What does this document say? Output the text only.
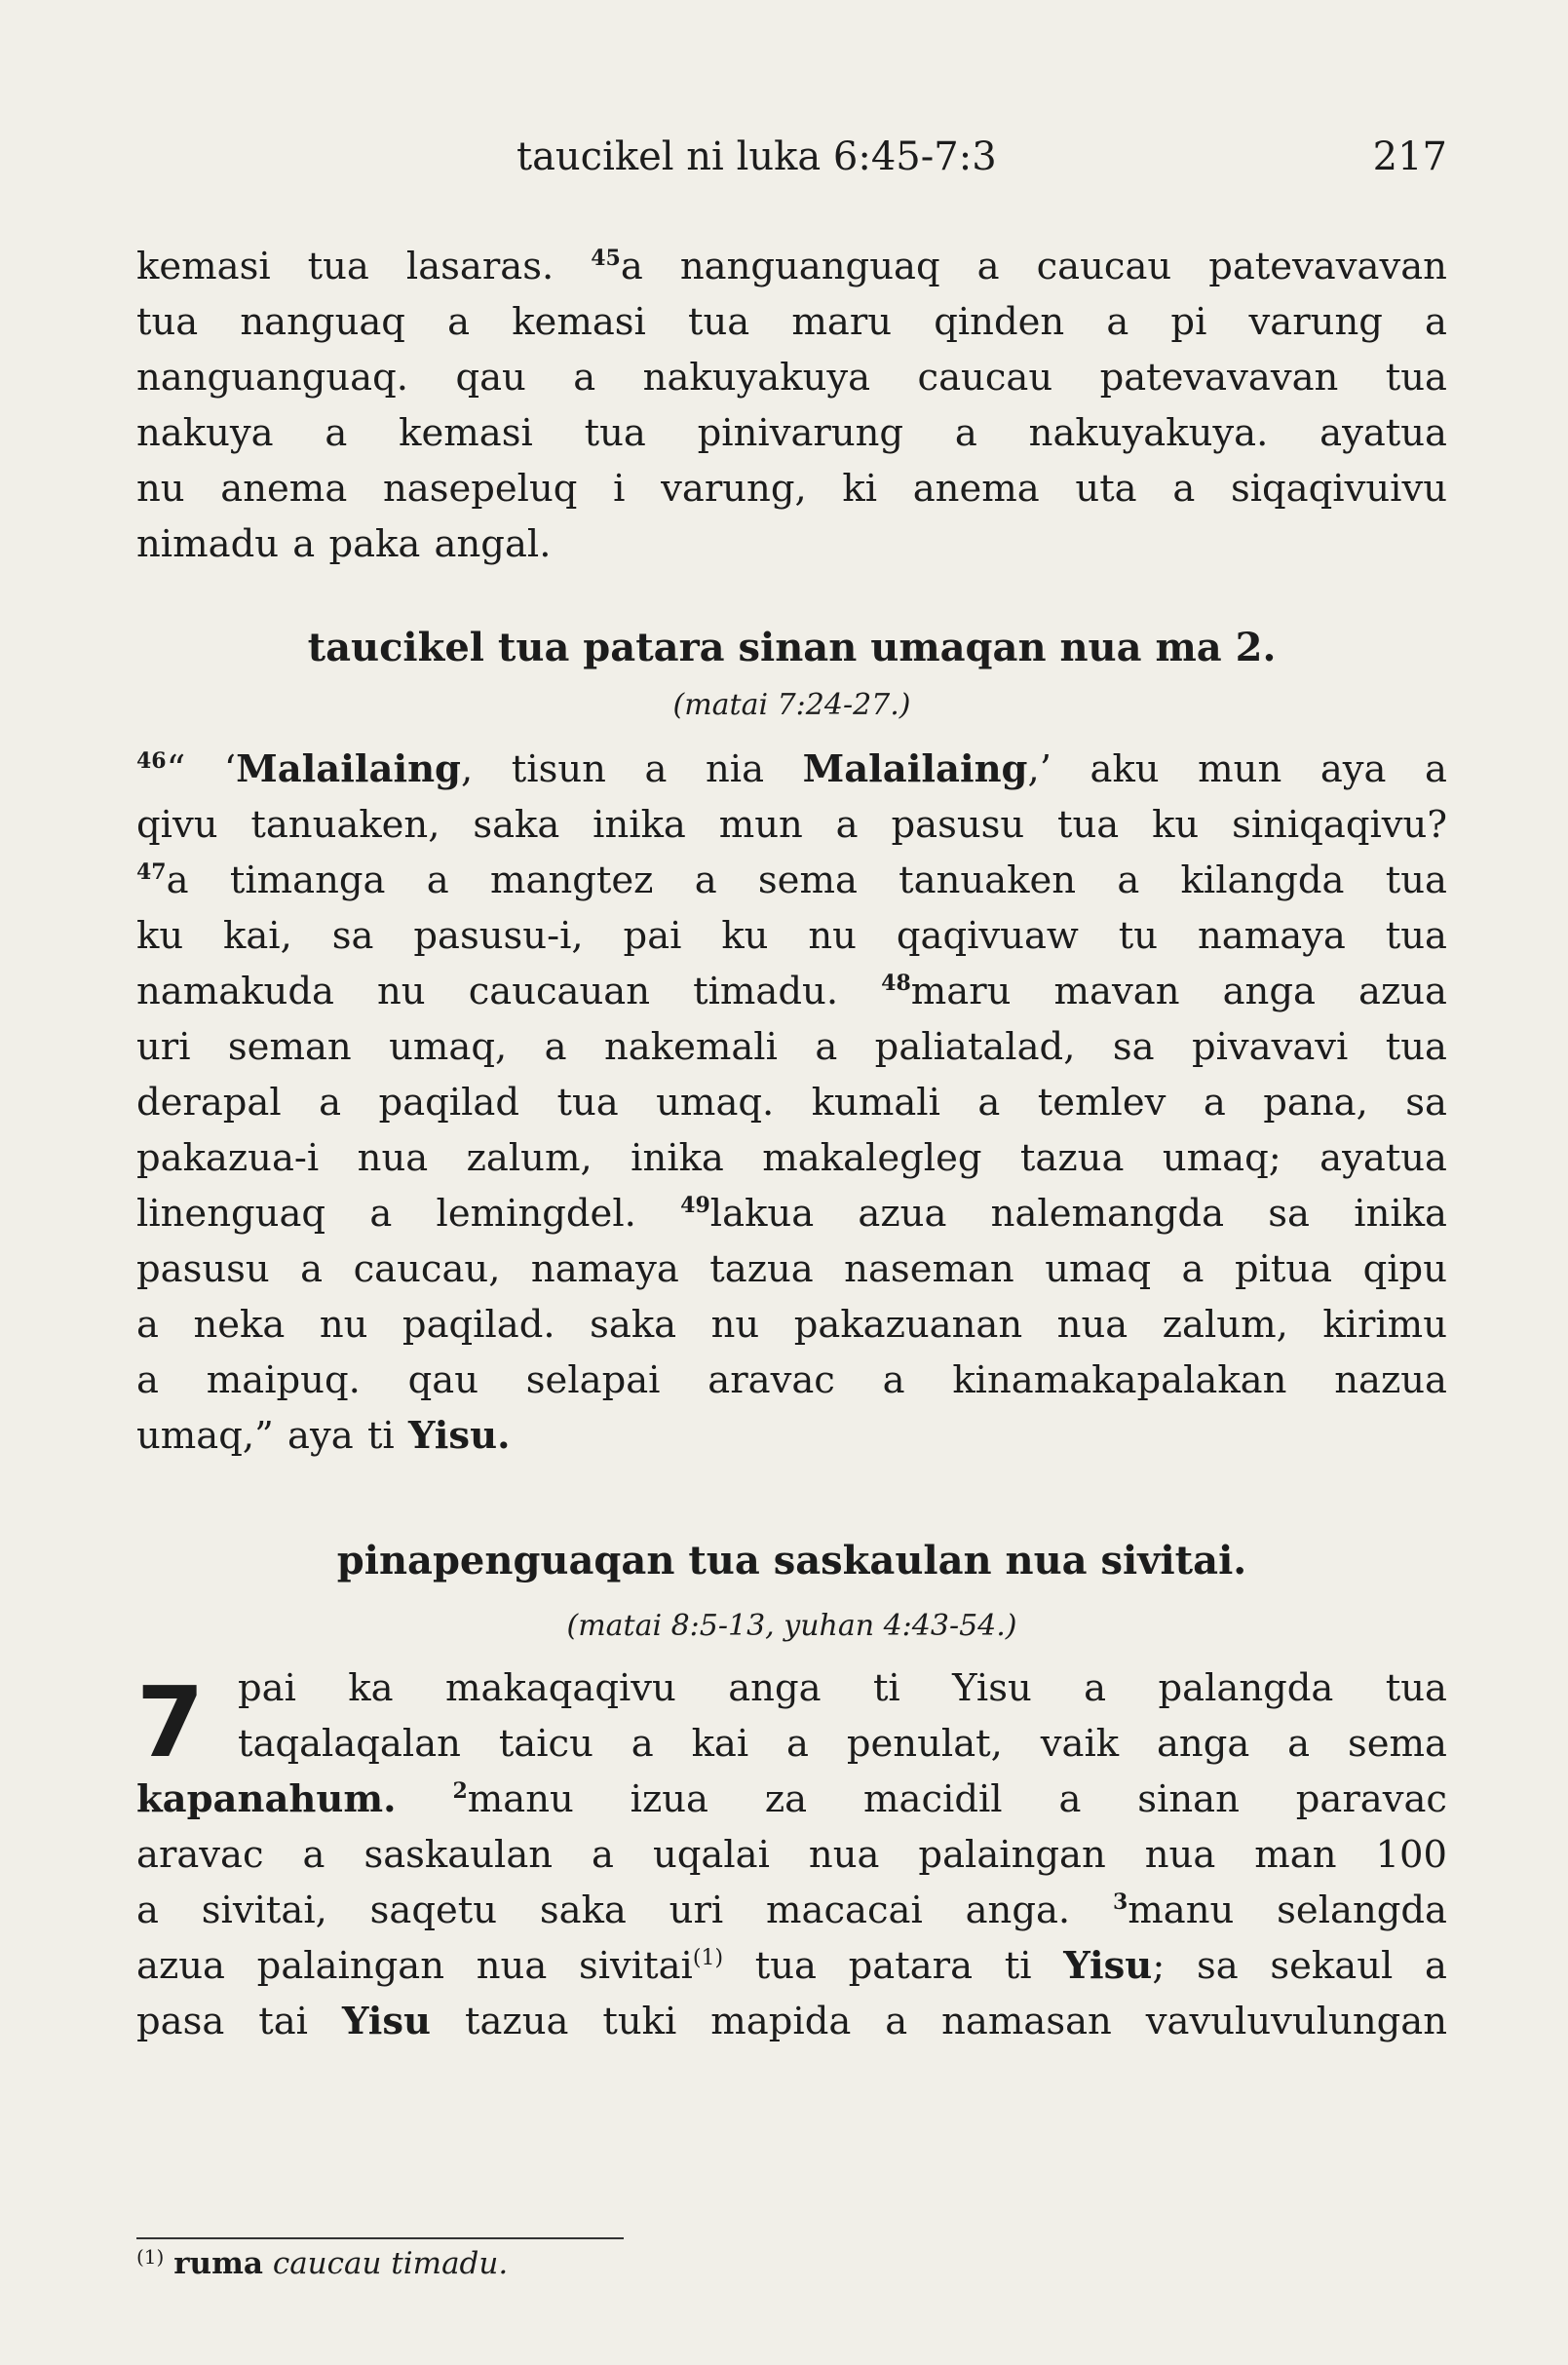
taucikel ni luka 6:45-7:3	217
kemasi tua lasaras. $^{45}$a nanguanguaq a caucau patevavavan
tua nanguaq a kemasi tua maru qinden a pi varung a
nanguanguaq. qau a nakuyakuya caucau patevavavan tua
nakuya a kemasi tua pinivarung a nakuyakuya. ayatua
nu anema nasepeluq i varung, ki anema uta a siqaqivuivu
nimadu a paka angal.

taucikel tua patara sinan umaqan nua ma 2.

(matai 7:24-27.)

$^{46}$“ ‘Malailaing, tisun a nia Malailaing,’ aku mun aya a
qivu tanuaken, saka inika mun a pasusu tua ku siniqaqivu?
$^{47}$a timanga a mangtez a sema tanuaken a kilangda tua
ku kai, sa pasusu-i, pai ku nu qaqivuaw tu namaya tua
namakuda nu caucauan timadu. $^{48}$maru mavan anga azua
uri seman umaq, a nakemali a paliatalad, sa pivavavi tua
derapal a paqilad tua umaq. kumali a temlev a pana, sa
pakazua-i nua zalum, inika makalegleg tazua umaq; ayatua
linenguaq a lemingdel. $^{49}$lakua azua nalemangda sa inika
pasusu a caucau, namaya tazua naseman umaq a pitua qipu
a neka nu paqilad. saka nu pakazuanan nua zalum, kirimu
a maipuq. qau selapai aravac a kinamakapalakan nazua
umaq,” aya ti Yisu.

pinapenguaqan tua saskaulan nua sivitai.

(matai 8:5-13, yuhan 4:43-54.)

7 pai ka makaqaqivu anga ti Yisu a palangda tua
taqalaqalan taicu a kai a penulat, vaik anga a sema
kapanahum.	$^2$manu izua za macidil a sinan paravac
aravac a saskaulan a uqalai nua palaingan nua man 100
a sivitai, saqetu saka uri macacai anga. $^3$manu selangda
azua palaingan nua sivitai$^{(1)}$ tua patara ti Yisu; sa sekaul a
pasa tai Yisu tazua tuki mapida a namasan vavuluvulungan
$^{(1)}$ ruma caucau timadu.
